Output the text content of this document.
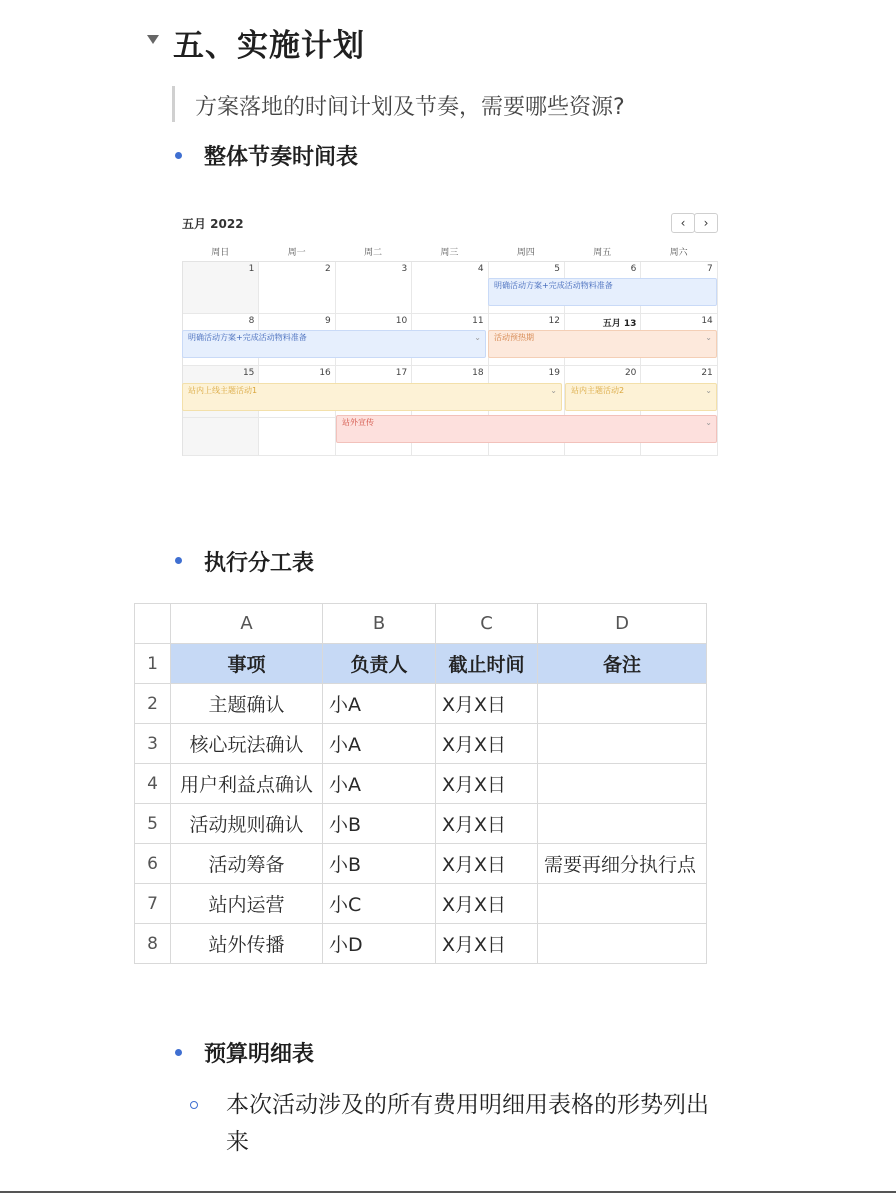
五、实施计划
方案落地的时间计划及节奏，需要哪些资源?
整体节奏时间表
五月 2022	‹	›
周日	周一	周二	周三	周四	周五	周六
1	2	3	4	5	6	7
8	9	10	11	12	五月 13	14
15	16	17	18	19	20	21
明确活动方案+完成活动物料准备
明确活动方案+完成活动物料准备	⌄	活动预热期	⌄
站内上线主题活动1	⌄	站内主题活动2	⌄
站外宣传	⌄
执行分工表
	A	B	C	D
1	事项	负责人	截止时间	备注
2	主题确认	小A	X月X日	
3	核心玩法确认	小A	X月X日	
4	用户利益点确认	小A	X月X日	
5	活动规则确认	小B	X月X日	
6	活动筹备	小B	X月X日	需要再细分执行点
7	站内运营	小C	X月X日	
8	站外传播	小D	X月X日	
预算明细表
本次活动涉及的所有费用明细用表格的形势列出来
